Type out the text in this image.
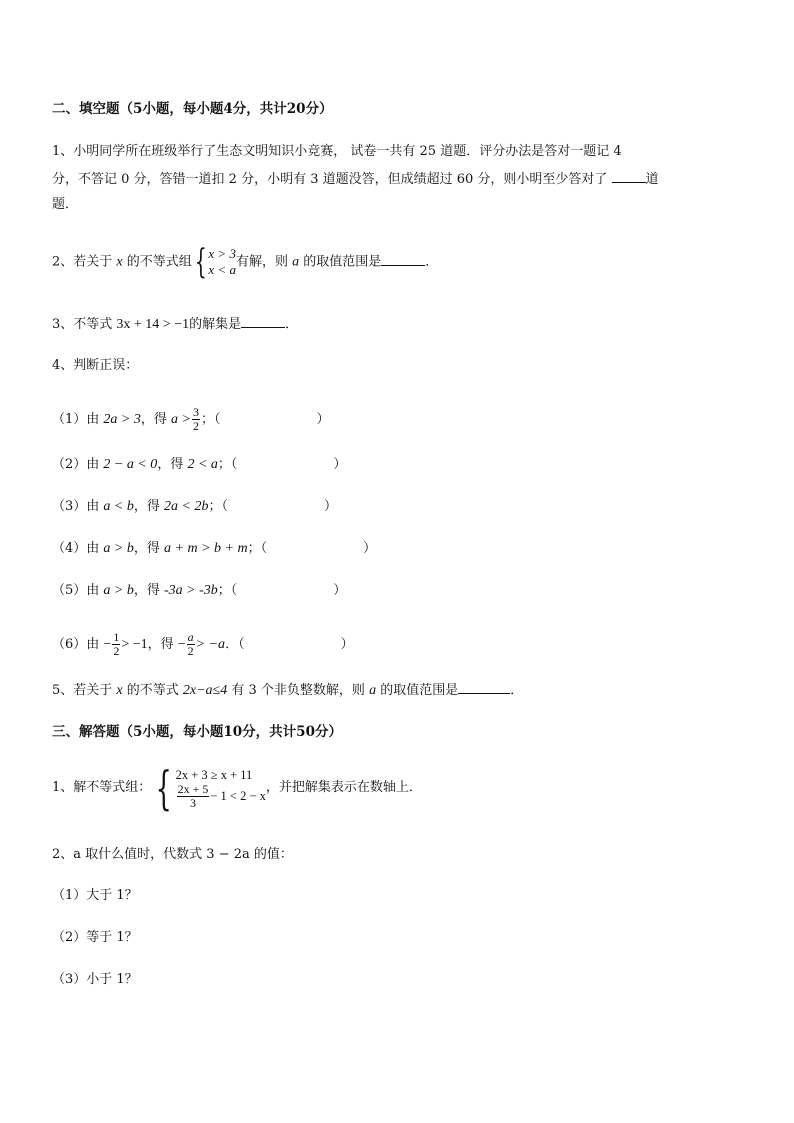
二、填空题（5小题，每小题4分，共计20分）
1、小明同学所在班级举行了生态文明知识小竞赛， 试卷一共有 25 道题．评分办法是答对一题记 4
分，不答记 0 分，答错一道扣 2 分，小明有 3 道题没答，但成绩超过 60 分，则小明至少答对了	道
题．
2、若关于 x 的不等式组 { x > 3
x < a 有解，则 a 的取值范围是	．
3、不等式 3x + 14 > −1的解集是	．
4、判断正误：
（1）由 2a > 3，得 $a > \frac{3}{2}$ ；（	）
（2）由 2 − a < 0，得 2 < a；（	）
（3）由 a < b，得 2a < 2b；（	）
（4）由 a > b，得 a + m > b + m；（	）
（5）由 a > b，得 -3a > -3b；（	）
（6）由 − $\frac{1}{2} > -1$，得 − $\frac{a}{2} > -a$．（	）
5、若关于 x 的不等式 2x−a≤4 有 3 个非负整数解，则 a 的取值范围是	．
三、解答题（5小题，每小题10分，共计50分）
1、解不等式组： { 2x + 3 ≥ x + 11
$\frac{2x + 5}{3} - 1 < 2 - x$
，并把解集表示在数轴上．
2、a 取什么值时，代数式 3 − 2a 的值：
（1）大于 1？
（2）等于 1？
（3）小于 1？
